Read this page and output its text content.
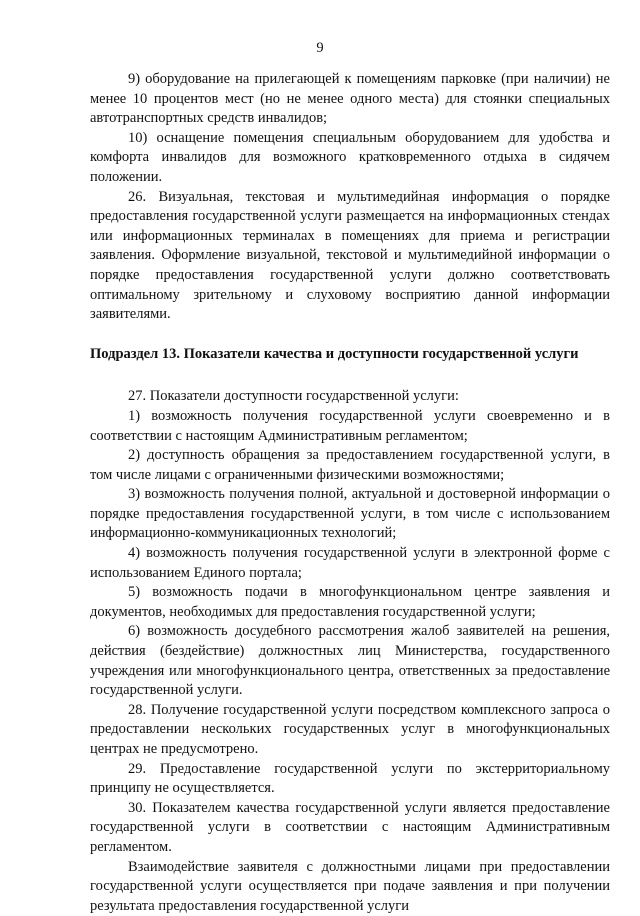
9

9) оборудование на прилегающей к помещениям парковке (при наличии) не менее 10 процентов мест (но не менее одного места) для стоянки специальных автотранспортных средств инвалидов;

10) оснащение помещения специальным оборудованием для удобства и комфорта инвалидов для возможного кратковременного отдыха в сидячем положении.

26. Визуальная, текстовая и мультимедийная информация о порядке предоставления государственной услуги размещается на информационных стендах или информационных терминалах в помещениях для приема и регистрации заявления. Оформление визуальной, текстовой и мультимедийной информации о порядке предоставления государственной услуги должно соответствовать оптимальному зрительному и слуховому восприятию данной информации заявителями.

Подраздел 13. Показатели качества и доступности государственной услуги

27. Показатели доступности государственной услуги:

1) возможность получения государственной услуги своевременно и в соответствии с настоящим Административным регламентом;

2) доступность обращения за предоставлением государственной услуги, в том числе лицами с ограниченными физическими возможностями;

3) возможность получения полной, актуальной и достоверной информации о порядке предоставления государственной услуги, в том числе с использованием информационно-коммуникационных технологий;

4) возможность получения государственной услуги в электронной форме с использованием Единого портала;

5) возможность подачи в многофункциональном центре заявления и документов, необходимых для предоставления государственной услуги;

6) возможность досудебного рассмотрения жалоб заявителей на решения, действия (бездействие) должностных лиц Министерства, государственного учреждения или многофункционального центра, ответственных за предоставление государственной услуги.

28. Получение государственной услуги посредством комплексного запроса о предоставлении нескольких государственных услуг в многофункциональных центрах не предусмотрено.

29. Предоставление государственной услуги по экстерриториальному принципу не осуществляется.

30. Показателем качества государственной услуги является предоставление государственной услуги в соответствии с настоящим Административным регламентом.

Взаимодействие заявителя с должностными лицами при предоставлении государственной услуги осуществляется при подаче заявления и при получении результата предоставления государственной услуги
